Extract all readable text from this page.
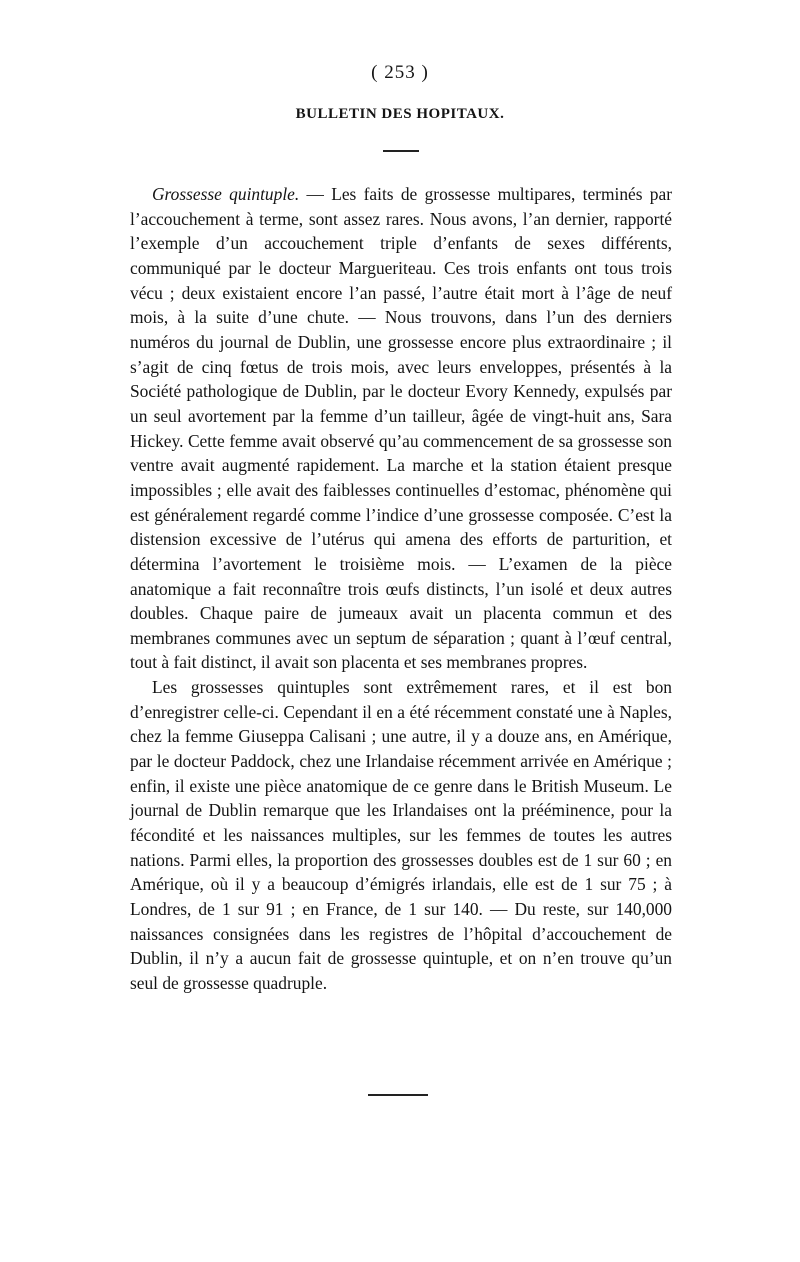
( 253 )
BULLETIN DES HOPITAUX.

Grossesse quintuple. — Les faits de grossesse multipares, terminés par l’accouchement à terme, sont assez rares. Nous avons, l’an dernier, rapporté l’exemple d’un accouchement triple d’enfants de sexes différents, communiqué par le docteur Margueriteau. Ces trois enfants ont tous trois vécu ; deux existaient encore l’an passé, l’autre était mort à l’âge de neuf mois, à la suite d’une chute. — Nous trouvons, dans l’un des derniers numéros du journal de Dublin, une grossesse encore plus extraordinaire ; il s’agit de cinq fœtus de trois mois, avec leurs enveloppes, présentés à la Société pathologique de Dublin, par le docteur Evory Kennedy, expulsés par un seul avortement par la femme d’un tailleur, âgée de vingt-huit ans, Sara Hickey. Cette femme avait observé qu’au commencement de sa grossesse son ventre avait augmenté rapidement. La marche et la station étaient presque impossibles ; elle avait des faiblesses continuelles d’estomac, phénomène qui est généralement regardé comme l’indice d’une grossesse composée. C’est la distension excessive de l’utérus qui amena des efforts de parturition, et détermina l’avortement le troisième mois. — L’examen de la pièce anatomique a fait reconnaître trois œufs distincts, l’un isolé et deux autres doubles. Chaque paire de jumeaux avait un placenta commun et des membranes communes avec un septum de séparation ; quant à l’œuf central, tout à fait distinct, il avait son placenta et ses membranes propres.

Les grossesses quintuples sont extrêmement rares, et il est bon d’enregistrer celle-ci. Cependant il en a été récemment constaté une à Naples, chez la femme Giuseppa Calisani ; une autre, il y a douze ans, en Amérique, par le docteur Paddock, chez une Irlandaise récemment arrivée en Amérique ; enfin, il existe une pièce anatomique de ce genre dans le British Museum. Le journal de Dublin remarque que les Irlandaises ont la prééminence, pour la fécondité et les naissances multiples, sur les femmes de toutes les autres nations. Parmi elles, la proportion des grossesses doubles est de 1 sur 60 ; en Amérique, où il y a beaucoup d’émigrés irlandais, elle est de 1 sur 75 ; à Londres, de 1 sur 91 ; en France, de 1 sur 140. — Du reste, sur 140,000 naissances consignées dans les registres de l’hôpital d’accouchement de Dublin, il n’y a aucun fait de grossesse quintuple, et on n’en trouve qu’un seul de grossesse quadruple.
